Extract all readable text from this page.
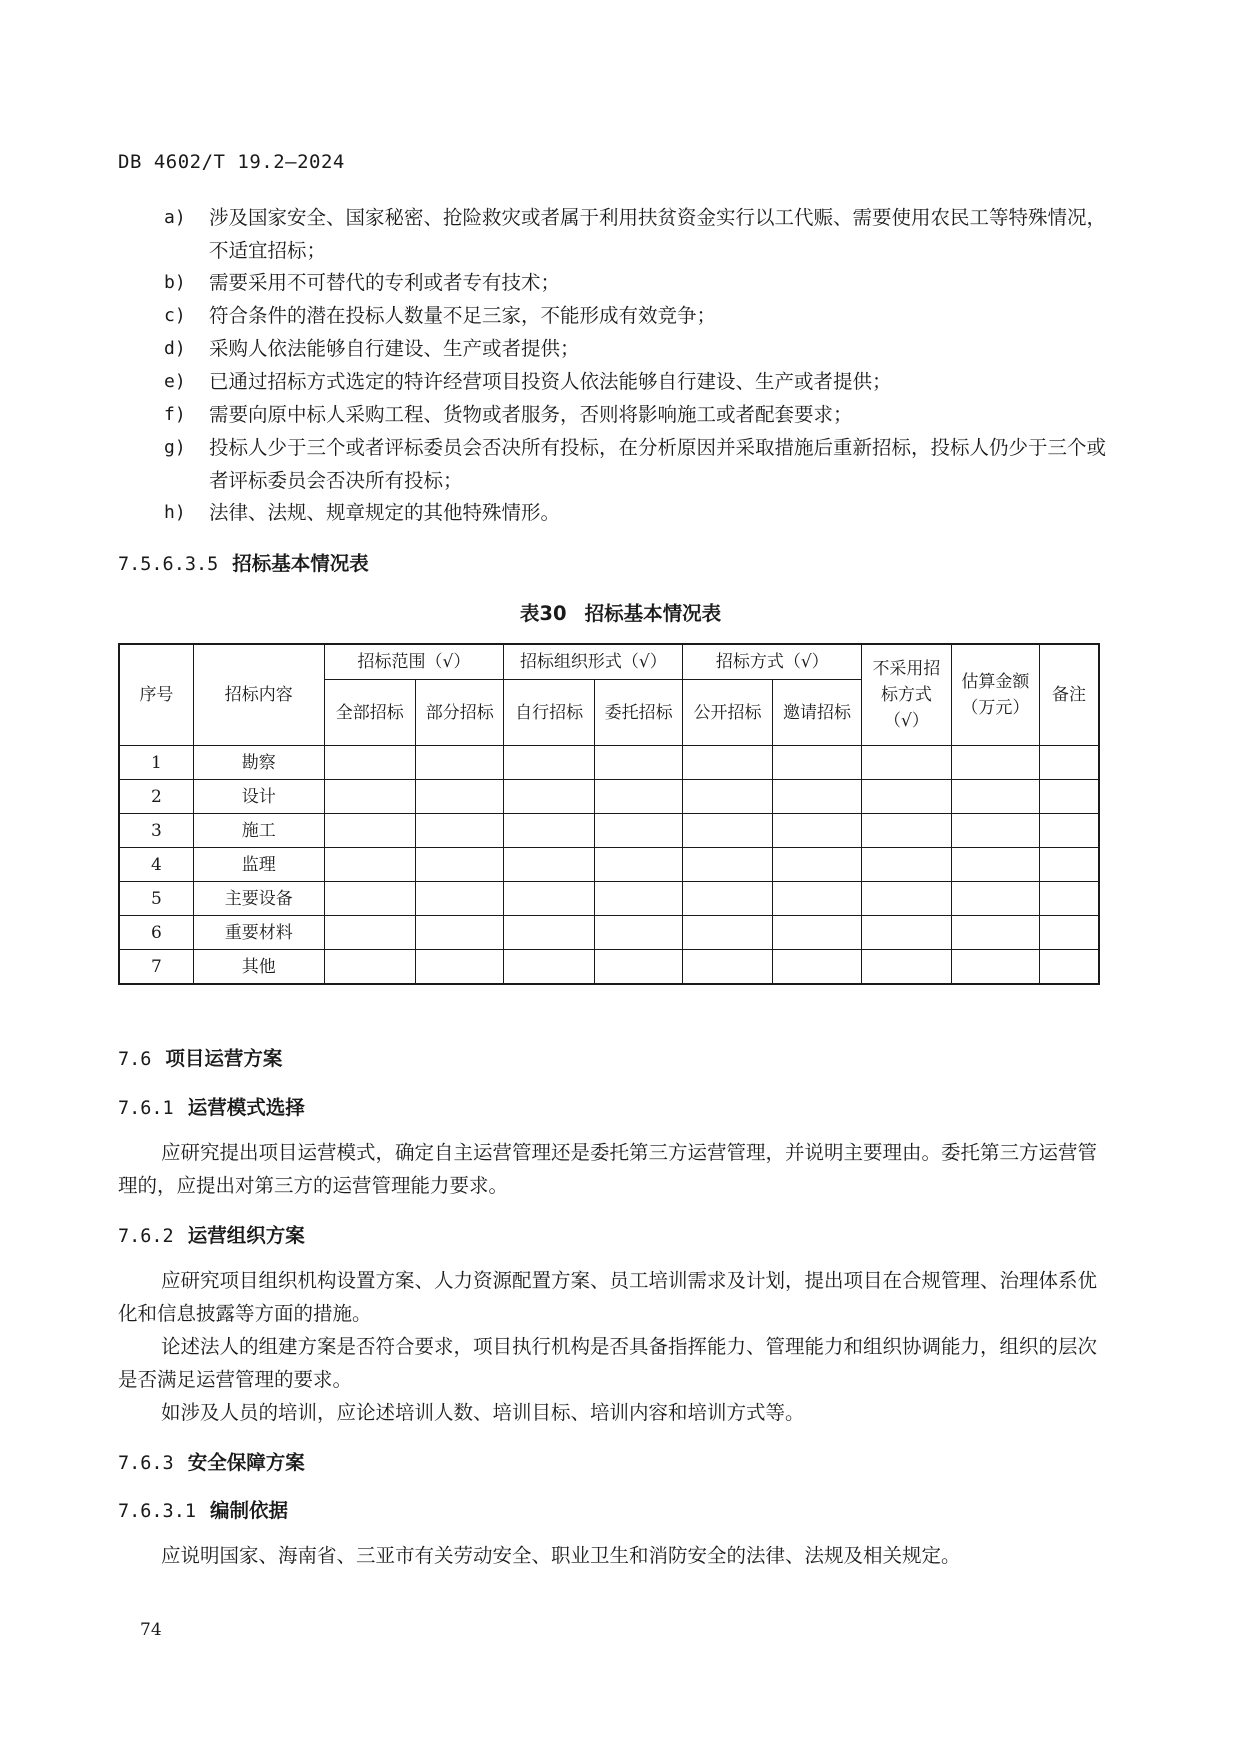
DB 4602/T 19.2—2024
a) 涉及国家安全、国家秘密、抢险救灾或者属于利用扶贫资金实行以工代赈、需要使用农民工等特殊情况，不适宜招标；
b) 需要采用不可替代的专利或者专有技术；
c) 符合条件的潜在投标人数量不足三家，不能形成有效竞争；
d) 采购人依法能够自行建设、生产或者提供；
e) 已通过招标方式选定的特许经营项目投资人依法能够自行建设、生产或者提供；
f) 需要向原中标人采购工程、货物或者服务，否则将影响施工或者配套要求；
g) 投标人少于三个或者评标委员会否决所有投标，在分析原因并采取措施后重新招标，投标人仍少于三个或者评标委员会否决所有投标；
h) 法律、法规、规章规定的其他特殊情形。
7.5.6.3.5 招标基本情况表
表30 招标基本情况表
序号	招标内容	招标范围（√）		招标组织形式（√）		招标方式（√）		不采用招标方式（√）	估算金额（万元）	备注
		全部招标	部分招标	自行招标	委托招标	公开招标	邀请招标			
1	勘察									
2	设计									
3	施工									
4	监理									
5	主要设备									
6	重要材料									
7	其他									
7.6 项目运营方案
7.6.1 运营模式选择
应研究提出项目运营模式，确定自主运营管理还是委托第三方运营管理，并说明主要理由。委托第三方运营管理的，应提出对第三方的运营管理能力要求。
7.6.2 运营组织方案
应研究项目组织机构设置方案、人力资源配置方案、员工培训需求及计划，提出项目在合规管理、治理体系优化和信息披露等方面的措施。
论述法人的组建方案是否符合要求，项目执行机构是否具备指挥能力、管理能力和组织协调能力，组织的层次是否满足运营管理的要求。
如涉及人员的培训，应论述培训人数、培训目标、培训内容和培训方式等。
7.6.3 安全保障方案
7.6.3.1 编制依据
应说明国家、海南省、三亚市有关劳动安全、职业卫生和消防安全的法律、法规及相关规定。
74
